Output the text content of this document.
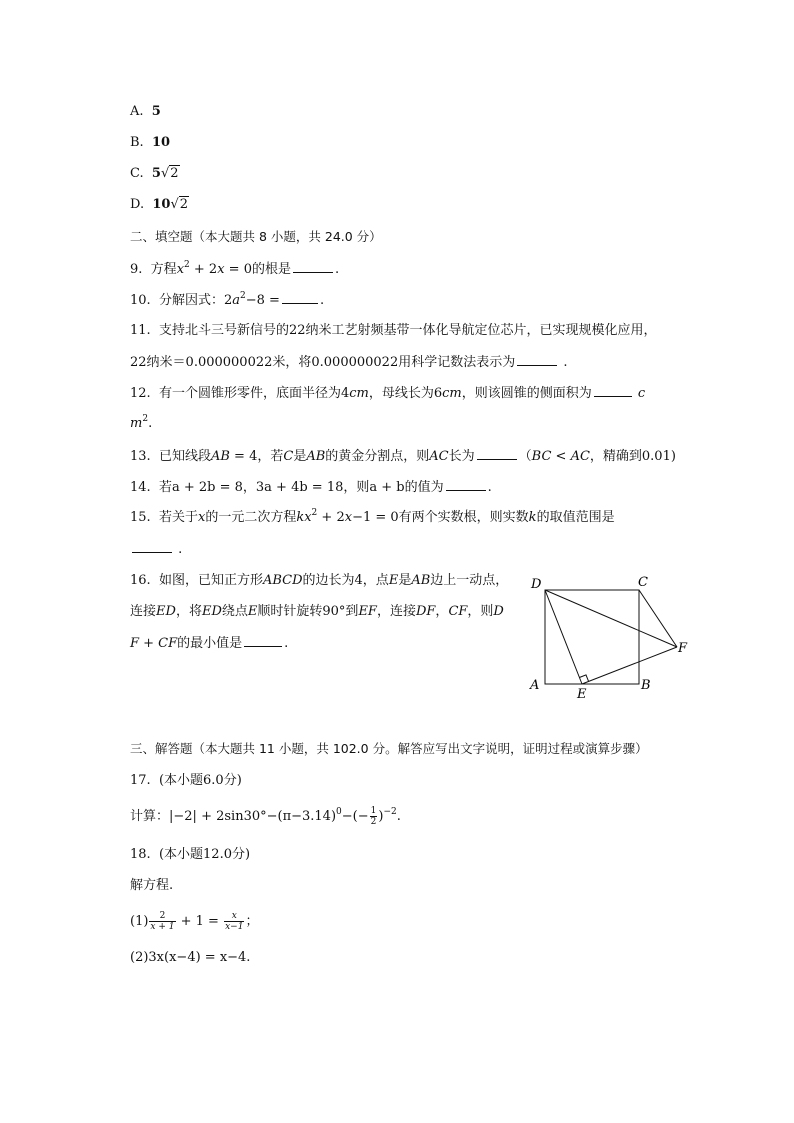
A. 5
B. 10
C. 5√2
D. 10√2
二、填空题（本大题共 8 小题，共 24.0 分）
9. 方程$x^2 + 2x = 0$的根是	.
10. 分解因式：$2a^2-8$ =	.
11. 支持北斗三号新信号的22纳米工艺射频基带一体化导航定位芯片，已实现规模化应用，
22纳米＝0.000000022米，将0.000000022用科学记数法表示为	.
12. 有一个圆锥形零件，底面半径为4cm，母线长为6cm，则该圆锥的侧面积为	c
$m^2$.
13. 已知线段AB = 4，若C是AB的黄金分割点，则AC长为	（BC < AC，精确到0.01)
14. 若a + 2b = 8，3a + 4b = 18，则a + b的值为	.
15. 若关于x的一元二次方程$kx^2 + 2x-1 = 0$有两个实数根，则实数k的取值范围是
.
16. 如图，已知正方形ABCD的边长为4，点E是AB边上一动点，
连接ED，将ED绕点E顺时针旋转90°到EF，连接DF，CF，则D
F + CF的最小值是	.
D	C
F
A	B
E
三、解答题（本大题共 11 小题，共 102.0 分。解答应写出文字说明，证明过程或演算步骤）
17. (本小题6.0分)
计算：$|-2| + 2\sin 30^\circ-(\pi-3.14)^0-(- \frac{1}{2} )^{-2}$.
18. (本小题12.0分)
解方程.
$(1) \frac{2}{x + 1} + 1 = \frac{x}{x-1}$ ；
(2)3x(x−4) = x−4.
